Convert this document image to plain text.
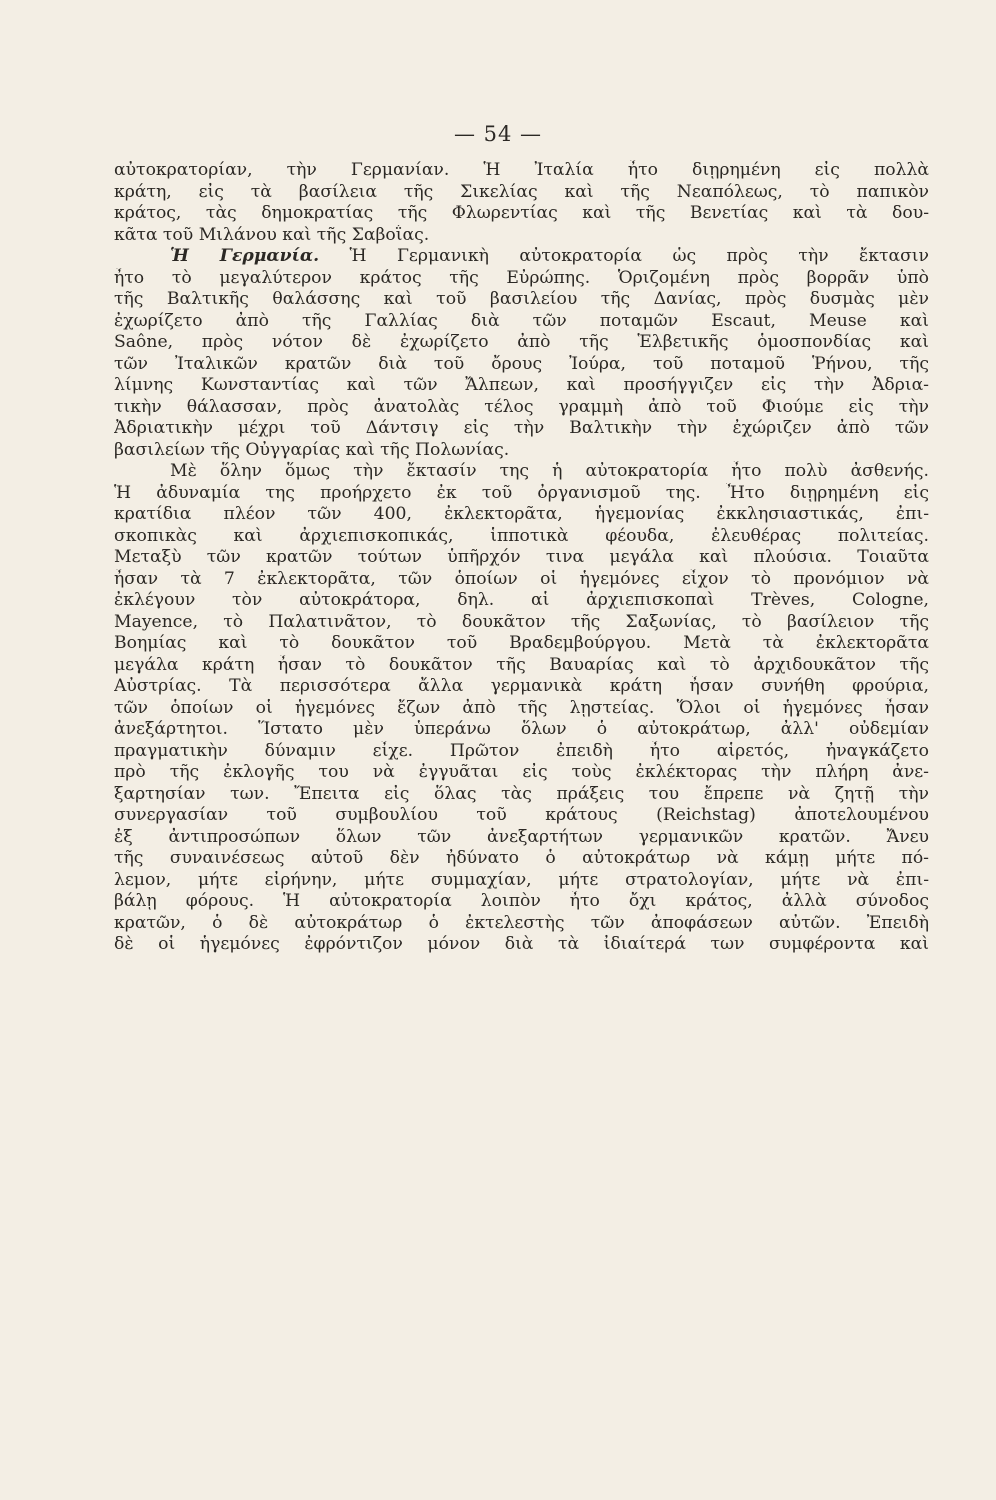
— 54 —
αὐτοκρατορίαν, τὴν Γερμανίαν. Ἡ Ἰταλία ἦτο διῃρημένη εἰς πολλὰ
κράτη, εἰς τὰ βασίλεια τῆς Σικελίας καὶ τῆς Νεαπόλεως, τὸ παπικὸν
κράτος, τὰς δημοκρατίας τῆς Φλωρεντίας καὶ τῆς Βενετίας καὶ τὰ δου-
κᾶτα τοῦ Μιλάνου καὶ τῆς Σαβοΐας.
Ἡ Γερμανία. Ἡ Γερμανικὴ αὐτοκρατορία ὡς πρὸς τὴν ἔκτασιν
ἦτο τὸ μεγαλύτερον κράτος τῆς Εὐρώπης. Ὁριζομένη πρὸς βορρᾶν ὑπὸ
τῆς Βαλτικῆς θαλάσσης καὶ τοῦ βασιλείου τῆς Δανίας, πρὸς δυσμὰς μὲν
ἐχωρίζετο ἀπὸ τῆς Γαλλίας διὰ τῶν ποταμῶν Escaut, Meuse καὶ
Saône, πρὸς νότον δὲ ἐχωρίζετο ἀπὸ τῆς Ἑλβετικῆς ὁμοσπονδίας καὶ
τῶν Ἰταλικῶν κρατῶν διὰ τοῦ ὄρους Ἰούρα, τοῦ ποταμοῦ Ῥήνου, τῆς
λίμνης Κωνσταντίας καὶ τῶν Ἄλπεων, καὶ προσήγγιζεν εἰς τὴν Ἀδρια-
τικὴν θάλασσαν, πρὸς ἀνατολὰς τέλος γραμμὴ ἀπὸ τοῦ Φιούμε εἰς τὴν
Ἀδριατικὴν μέχρι τοῦ Δάντσιγ εἰς τὴν Βαλτικὴν τὴν ἐχώριζεν ἀπὸ τῶν
βασιλείων τῆς Οὐγγαρίας καὶ τῆς Πολωνίας.
Μὲ ὅλην ὅμως τὴν ἔκτασίν της ἡ αὐτοκρατορία ἦτο πολὺ ἀσθενής.
Ἡ ἀδυναμία της προήρχετο ἐκ τοῦ ὀργανισμοῦ της. Ἦτο διῃρημένη εἰς
κρατίδια πλέον τῶν 400, ἐκλεκτορᾶτα, ἡγεμονίας ἐκκλησιαστικάς, ἐπι-
σκοπικὰς καὶ ἀρχιεπισκοπικάς, ἱπποτικὰ φέουδα, ἐλευθέρας πολιτείας.
Μεταξὺ τῶν κρατῶν τούτων ὑπῆρχόν τινα μεγάλα καὶ πλούσια. Τοιαῦτα
ἦσαν τὰ 7 ἐκλεκτορᾶτα, τῶν ὁποίων οἱ ἡγεμόνες εἶχον τὸ προνόμιον νὰ
ἐκλέγουν τὸν αὐτοκράτορα, δηλ. αἱ ἀρχιεπισκοπαὶ Trèves, Cologne,
Mayence, τὸ Παλατινᾶτον, τὸ δουκᾶτον τῆς Σαξωνίας, τὸ βασίλειον τῆς
Βοημίας καὶ τὸ δουκᾶτον τοῦ Βραδεμβούργου. Μετὰ τὰ ἐκλεκτορᾶτα
μεγάλα κράτη ἦσαν τὸ δουκᾶτον τῆς Βαυαρίας καὶ τὸ ἀρχιδουκᾶτον τῆς
Αὐστρίας. Τὰ περισσότερα ἄλλα γερμανικὰ κράτη ἦσαν συνήθη φρούρια,
τῶν ὁποίων οἱ ἡγεμόνες ἔζων ἀπὸ τῆς λῃστείας. Ὅλοι οἱ ἡγεμόνες ἦσαν
ἀνεξάρτητοι. Ἵστατο μὲν ὑπεράνω ὅλων ὁ αὐτοκράτωρ, ἀλλ' οὐδεμίαν
πραγματικὴν δύναμιν εἶχε. Πρῶτον ἐπειδὴ ἦτο αἱρετός, ἠναγκάζετο
πρὸ τῆς ἐκλογῆς του νὰ ἐγγυᾶται εἰς τοὺς ἐκλέκτορας τὴν πλήρη ἀνε-
ξαρτησίαν των. Ἔπειτα εἰς ὅλας τὰς πράξεις του ἔπρεπε νὰ ζητῇ τὴν
συνεργασίαν τοῦ συμβουλίου τοῦ κράτους (Reichstag) ἀποτελουμένου
ἐξ ἀντιπροσώπων ὅλων τῶν ἀνεξαρτήτων γερμανικῶν κρατῶν. Ἄνευ
τῆς συναινέσεως αὐτοῦ δὲν ἠδύνατο ὁ αὐτοκράτωρ νὰ κάμῃ μήτε πό-
λεμον, μήτε εἰρήνην, μήτε συμμαχίαν, μήτε στρατολογίαν, μήτε νὰ ἐπι-
βάλῃ φόρους. Ἡ αὐτοκρατορία λοιπὸν ἦτο ὄχι κράτος, ἀλλὰ σύνοδος
κρατῶν, ὁ δὲ αὐτοκράτωρ ὁ ἐκτελεστὴς τῶν ἀποφάσεων αὐτῶν. Ἐπειδὴ
δὲ οἱ ἡγεμόνες ἐφρόντιζον μόνον διὰ τὰ ἰδιαίτερά των συμφέροντα καὶ
